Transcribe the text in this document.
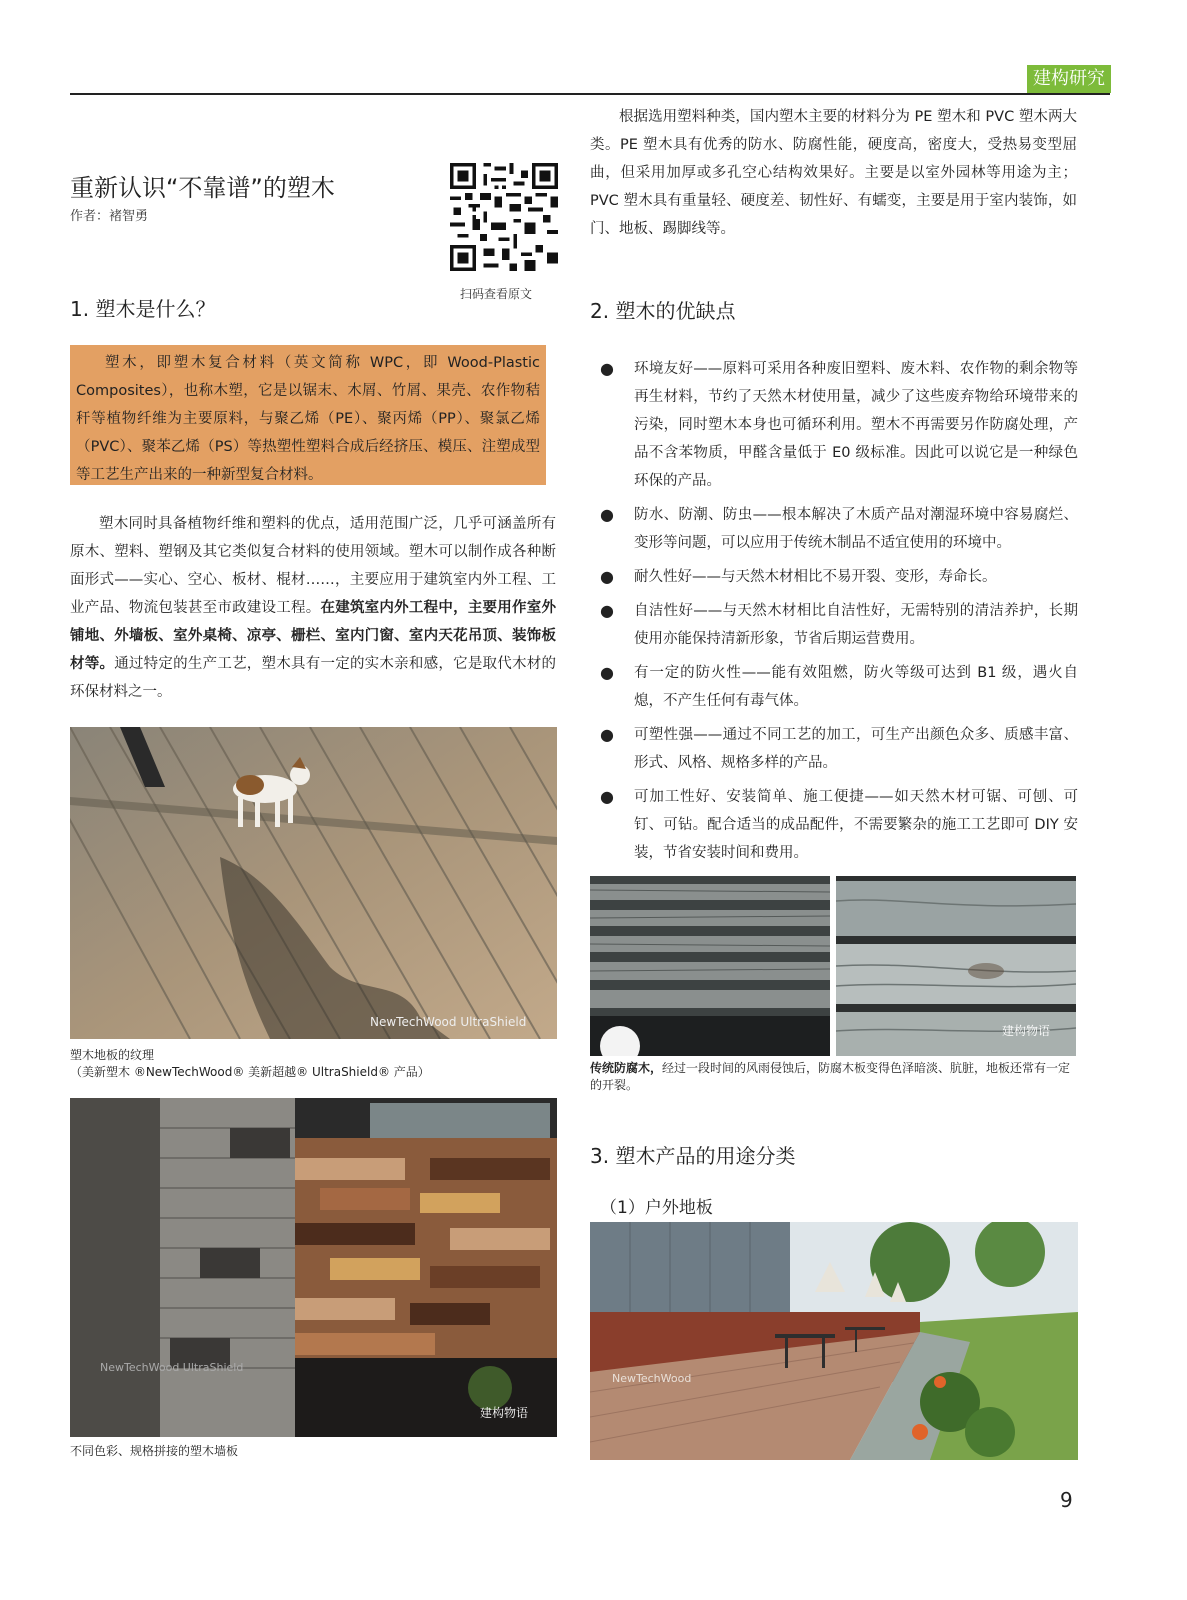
建构研究
重新认识“不靠谱”的塑木
作者：褚智勇
扫码查看原文
1. 塑木是什么？

塑木，即塑木复合材料（英文简称 WPC，即 Wood-Plastic Composites），也称木塑，它是以锯末、木屑、竹屑、果壳、农作物秸秆等植物纤维为主要原料，与聚乙烯（PE）、聚丙烯（PP）、聚氯乙烯（PVC）、聚苯乙烯（PS）等热塑性塑料合成后经挤压、模压、注塑成型等工艺生产出来的一种新型复合材料。

塑木同时具备植物纤维和塑料的优点，适用范围广泛，几乎可涵盖所有原木、塑料、塑钢及其它类似复合材料的使用领域。塑木可以制作成各种断面形式——实心、空心、板材、棍材……，主要应用于建筑室内外工程、工业产品、物流包装甚至市政建设工程。在建筑室内外工程中，主要用作室外铺地、外墙板、室外桌椅、凉亭、栅栏、室内门窗、室内天花吊顶、装饰板材等。通过特定的生产工艺，塑木具有一定的实木亲和感，它是取代木材的环保材料之一。

NewTechWood UltraShield
塑木地板的纹理
（美新塑木 ®NewTechWood® 美新超越® UltraShield® 产品）
NewTechWood UltraShield
建构物语
不同色彩、规格拼接的塑木墙板

根据选用塑料种类，国内塑木主要的材料分为 PE 塑木和 PVC 塑木两大类。PE 塑木具有优秀的防水、防腐性能，硬度高，密度大，受热易变型屈曲，但采用加厚或多孔空心结构效果好。主要是以室外园林等用途为主；PVC 塑木具有重量轻、硬度差、韧性好、有蠕变，主要是用于室内装饰，如门、地板、踢脚线等。

2. 塑木的优缺点
● 环境友好——原料可采用各种废旧塑料、废木料、农作物的剩余物等再生材料，节约了天然木材使用量，减少了这些废弃物给环境带来的污染，同时塑木本身也可循环利用。塑木不再需要另作防腐处理，产品不含苯物质，甲醛含量低于 E0 级标准。因此可以说它是一种绿色环保的产品。
● 防水、防潮、防虫——根本解决了木质产品对潮湿环境中容易腐烂、变形等问题，可以应用于传统木制品不适宜使用的环境中。
● 耐久性好——与天然木材相比不易开裂、变形，寿命长。
● 自洁性好——与天然木材相比自洁性好，无需特别的清洁养护，长期使用亦能保持清新形象，节省后期运营费用。
● 有一定的防火性——能有效阻燃，防火等级可达到 B1 级，遇火自熄，不产生任何有毒气体。
● 可塑性强——通过不同工艺的加工，可生产出颜色众多、质感丰富、形式、风格、规格多样的产品。
● 可加工性好、安装简单、施工便捷——如天然木材可锯、可刨、可钉、可钻。配合适当的成品配件，不需要繁杂的施工工艺即可 DIY 安装，节省安装时间和费用。
建构物语
传统防腐木，经过一段时间的风雨侵蚀后，防腐木板变得色泽暗淡、肮脏，地板还常有一定的开裂。
3. 塑木产品的用途分类
（1）户外地板
NewTechWood
9
